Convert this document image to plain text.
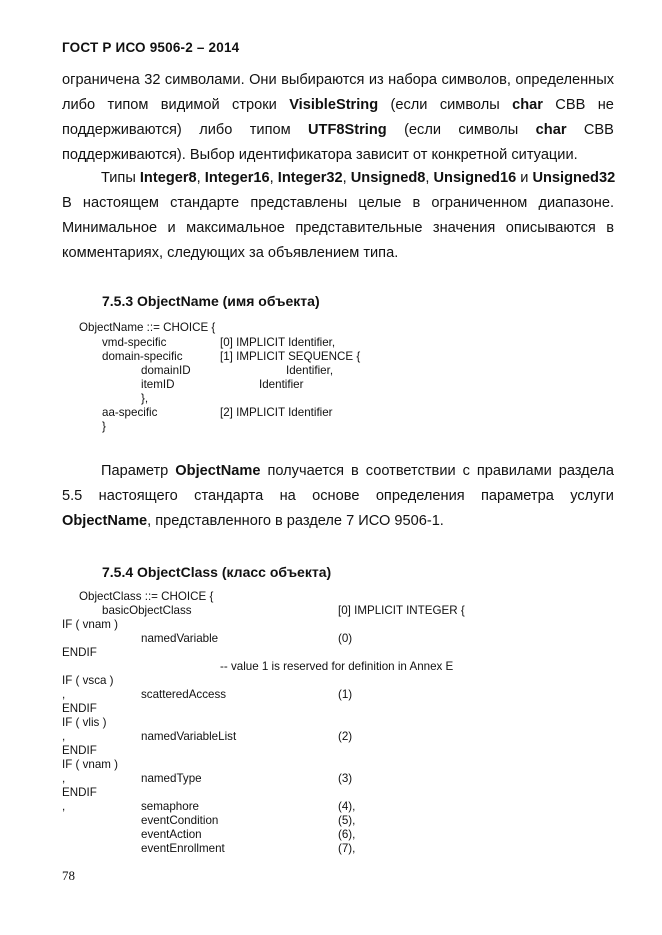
ГОСТ Р ИСО 9506-2 – 2014

ограничена 32 символами. Они выбираются из набора символов, определенных

либо типом видимой строки VisibleString (если символы char СВВ не

поддерживаются) либо типом UTF8String (если символы char СВВ

поддерживаются). Выбор идентификатора зависит от конкретной ситуации.

Типы Integer8, Integer16, Integer32, Unsigned8, Unsigned16 и Unsigned32

В настоящем стандарте представлены целые в ограниченном диапазоне.

Минимальное и максимальное представительные значения описываются в

комментариях, следующих за объявлением типа.

7.5.3 ObjectName (имя объекта)
ObjectName ::= CHOICE {
vmd-specific	[0] IMPLICIT Identifier,
domain-specific	[1] IMPLICIT SEQUENCE {
domainID	Identifier,
itemID	Identifier
},
aa-specific	[2] IMPLICIT Identifier
}

Параметр ObjectName получается в соответствии с правилами раздела

5.5 настоящего стандарта на основе определения параметра услуги

ObjectName, представленного в разделе 7 ИСО 9506-1.

7.5.4 ObjectClass (класс объекта)
ObjectClass ::= CHOICE {
basicObjectClass	[0] IMPLICIT INTEGER {
IF ( vnam )
namedVariable	(0)
ENDIF
-- value 1 is reserved for definition in Annex E
IF ( vsca )
,	scatteredAccess	(1)
ENDIF
IF ( vlis )
,	namedVariableList	(2)
ENDIF
IF ( vnam )
,	namedType	(3)
ENDIF
,	semaphore	(4),
eventCondition	(5),
eventAction	(6),
eventEnrollment	(7),
78
